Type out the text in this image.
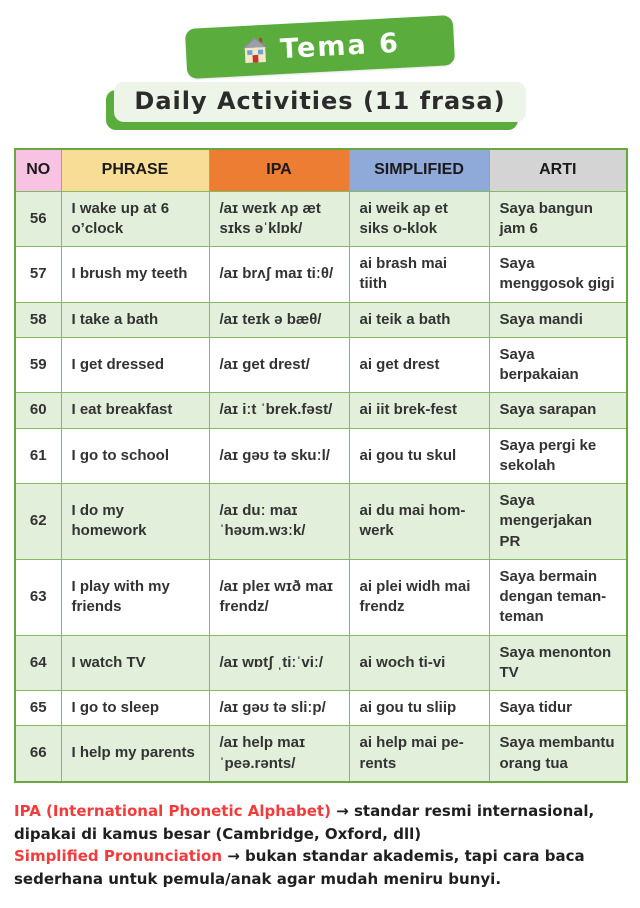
Tema 6
Daily Activities (11 frasa)
NO	PHRASE	IPA	SIMPLIFIED	ARTI
56	I wake up at 6 o’clock	/aɪ weɪk ʌp æt sɪks əˈklɒk/	ai weik ap et siks o-klok	Saya bangun jam 6
57	I brush my teeth	/aɪ brʌʃ maɪ tiːθ/	ai brash mai tiith	Saya menggosok gigi
58	I take a bath	/aɪ teɪk ə bæθ/	ai teik a bath	Saya mandi
59	I get dressed	/aɪ get drest/	ai get drest	Saya berpakaian
60	I eat breakfast	/aɪ iːt ˈbrek.fəst/	ai iit brek-fest	Saya sarapan
61	I go to school	/aɪ ɡəʊ tə skuːl/	ai gou tu skul	Saya pergi ke sekolah
62	I do my homework	/aɪ duː maɪ ˈhəʊm.wɜːk/	ai du mai hom-werk	Saya mengerjakan PR
63	I play with my friends	/aɪ pleɪ wɪð maɪ frendz/	ai plei widh mai frendz	Saya bermain dengan teman-teman
64	I watch TV	/aɪ wɒtʃ ˌtiːˈviː/	ai woch ti-vi	Saya menonton TV
65	I go to sleep	/aɪ ɡəʊ tə sliːp/	ai gou tu sliip	Saya tidur
66	I help my parents	/aɪ help maɪ ˈpeə.rənts/	ai help mai pe-rents	Saya membantu orang tua

IPA (International Phonetic Alphabet) → standar resmi internasional, dipakai di kamus besar (Cambridge, Oxford, dll)

Simplified Pronunciation → bukan standar akademis, tapi cara baca sederhana untuk pemula/anak agar mudah meniru bunyi.
